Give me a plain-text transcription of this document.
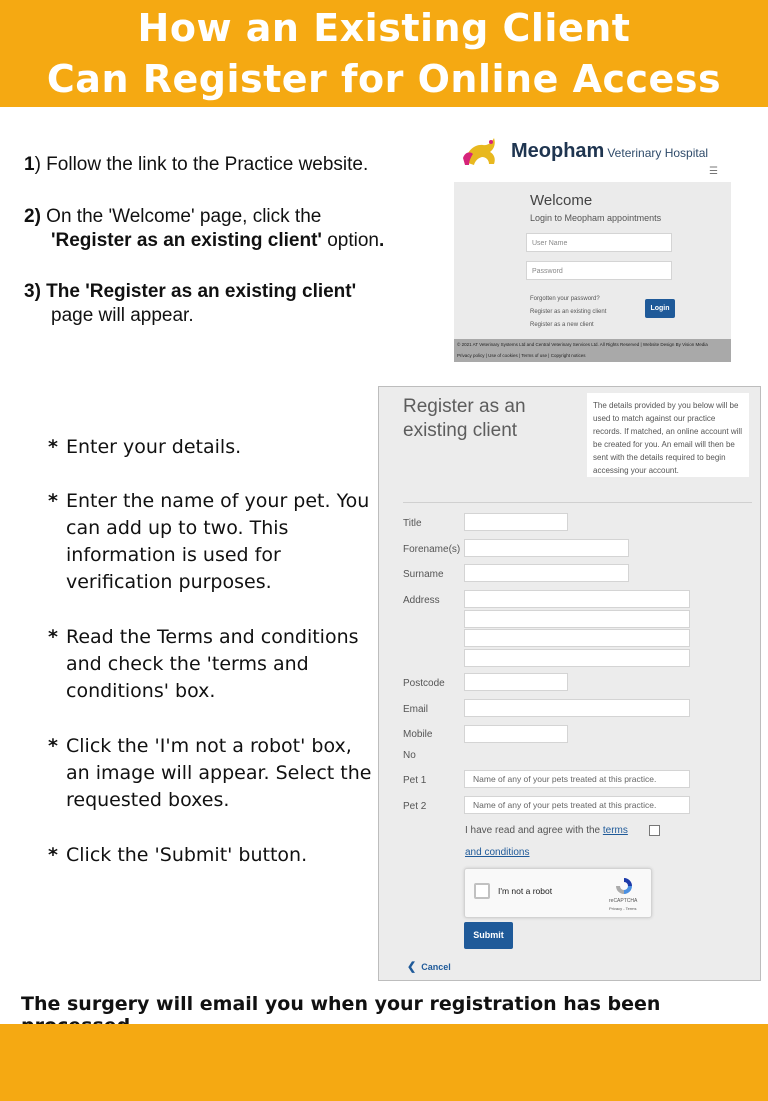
How an Existing Client
Can Register for Online Access
1) Follow the link to the Practice website.
2) On the 'Welcome' page, click the
'Register as an existing client' option.
3) The 'Register as an existing client'
page will appear.
* Enter your details.
* Enter the name of your pet. You can add up to two. This information is used for verification purposes.
* Read the Terms and conditions and check the 'terms and conditions' box.
* Click the 'I'm not a robot' box, an image will appear. Select the requested boxes.
* Click the 'Submit' button.
Meopham Veterinary Hospital
☰
Welcome
Login to Meopham appointments
User Name
Password
Forgotten your password?
Register as an existing client
Register as a new client
Login
© 2021 AT Veterinary Systems Ltd and Central Veterinary Services Ltd. All Rights Reserved | Website Design By Vision Media
Privacy policy | Use of cookies | Terms of use | Copyright notices
Register as an existing client
The details provided by you below will be used to match against our practice records. If matched, an online account will be created for you. An email will then be sent with the details required to begin accessing your account.
Title
Forename(s)
Surname
Address
Postcode
Email
Mobile
No
Pet 1	Name of any of your pets treated at this practice.
Pet 2	Name of any of your pets treated at this practice.
I have read and agree with the terms
and conditions
I'm not a robot
reCAPTCHA
Privacy - Terms
Submit
❮ Cancel
The surgery will email you when your registration has been
